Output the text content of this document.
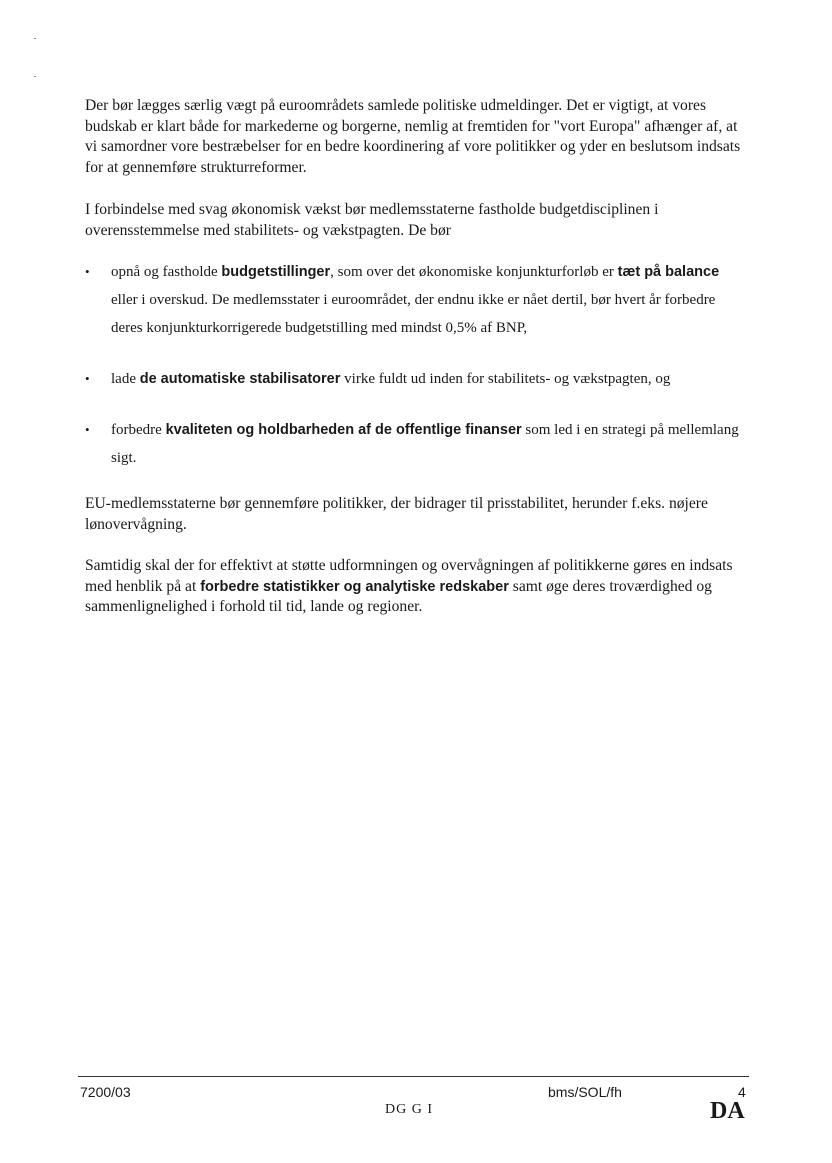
Der bør lægges særlig vægt på euroområdets samlede politiske udmeldinger. Det er vigtigt, at vores budskab er klart både for markederne og borgerne, nemlig at fremtiden for "vort Europa" afhænger af, at vi samordner vore bestræbelser for en bedre koordinering af vore politikker og yder en beslutsom indsats for at gennemføre strukturreformer.

I forbindelse med svag økonomisk vækst bør medlemsstaterne fastholde budgetdisciplinen i overensstemmelse med stabilitets- og vækstpagten. De bør

•	opnå og fastholde budgetstillinger, som over det økonomiske konjunkturforløb er tæt på balance eller i overskud. De medlemsstater i euroområdet, der endnu ikke er nået dertil, bør hvert år forbedre deres konjunkturkorrigerede budgetstilling med mindst 0,5% af BNP,
•	lade de automatiske stabilisatorer virke fuldt ud inden for stabilitets- og vækstpagten, og
•	forbedre kvaliteten og holdbarheden af de offentlige finanser som led i en strategi på mellemlang sigt.

EU-medlemsstaterne bør gennemføre politikker, der bidrager til prisstabilitet, herunder f.eks. nøjere lønovervågning.

Samtidig skal der for effektivt at støtte udformningen og overvågningen af politikkerne gøres en indsats med henblik på at forbedre statistikker og analytiske redskaber samt øge deres troværdighed og sammenlignelighed i forhold til tid, lande og regioner.

7200/03	bms/SOL/fh	4
DG G I	DA
